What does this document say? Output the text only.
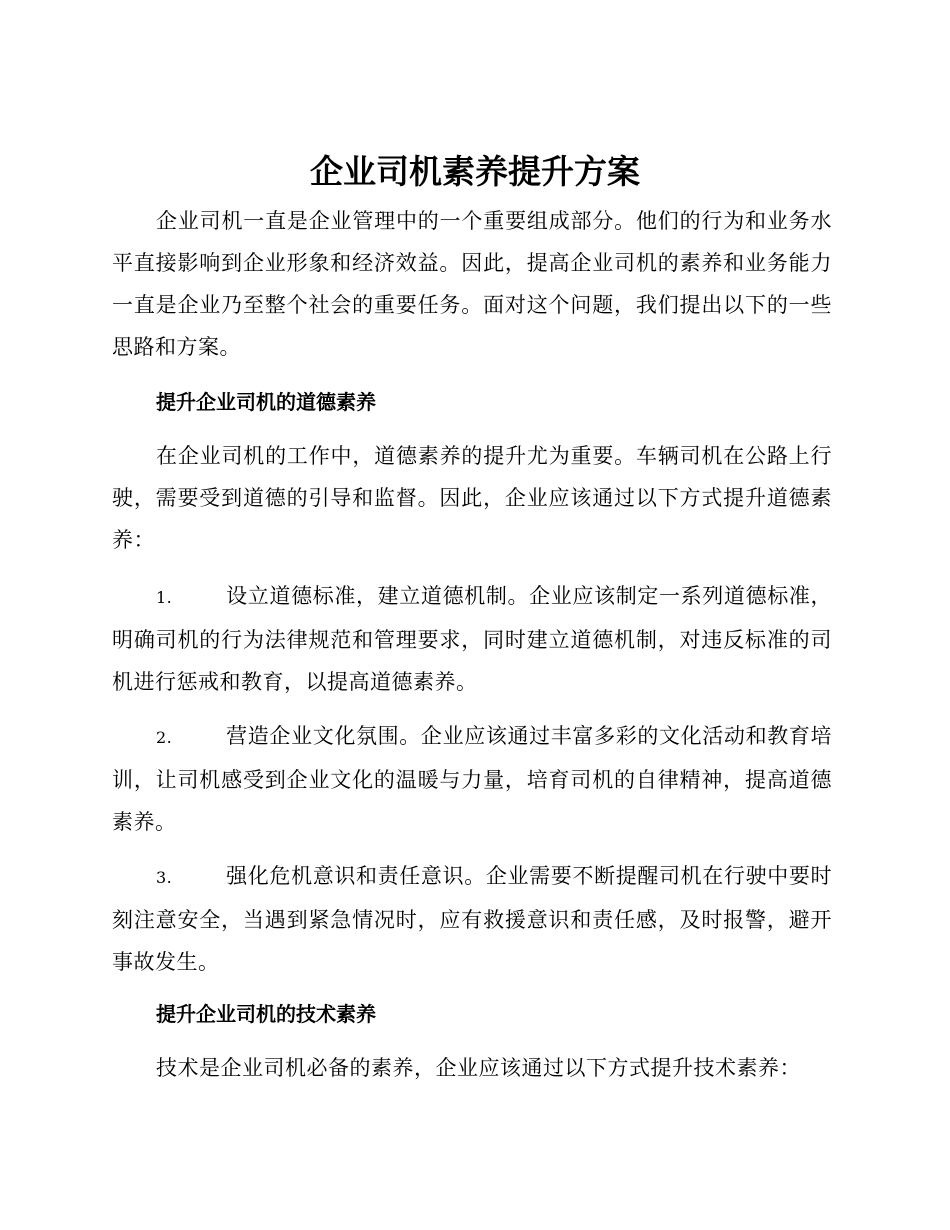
企业司机素养提升方案

企业司机一直是企业管理中的一个重要组成部分。他们的行为和业务水平直接影响到企业形象和经济效益。因此，提高企业司机的素养和业务能力一直是企业乃至整个社会的重要任务。面对这个问题，我们提出以下的一些思路和方案。

提升企业司机的道德素养

在企业司机的工作中，道德素养的提升尤为重要。车辆司机在公路上行驶，需要受到道德的引导和监督。因此，企业应该通过以下方式提升道德素养：

1.	设立道德标准，建立道德机制。企业应该制定一系列道德标准，明确司机的行为法律规范和管理要求，同时建立道德机制，对违反标准的司机进行惩戒和教育，以提高道德素养。

2.	营造企业文化氛围。企业应该通过丰富多彩的文化活动和教育培训，让司机感受到企业文化的温暖与力量，培育司机的自律精神，提高道德素养。

3.	强化危机意识和责任意识。企业需要不断提醒司机在行驶中要时刻注意安全，当遇到紧急情况时，应有救援意识和责任感，及时报警，避开事故发生。

提升企业司机的技术素养

技术是企业司机必备的素养，企业应该通过以下方式提升技术素养：
